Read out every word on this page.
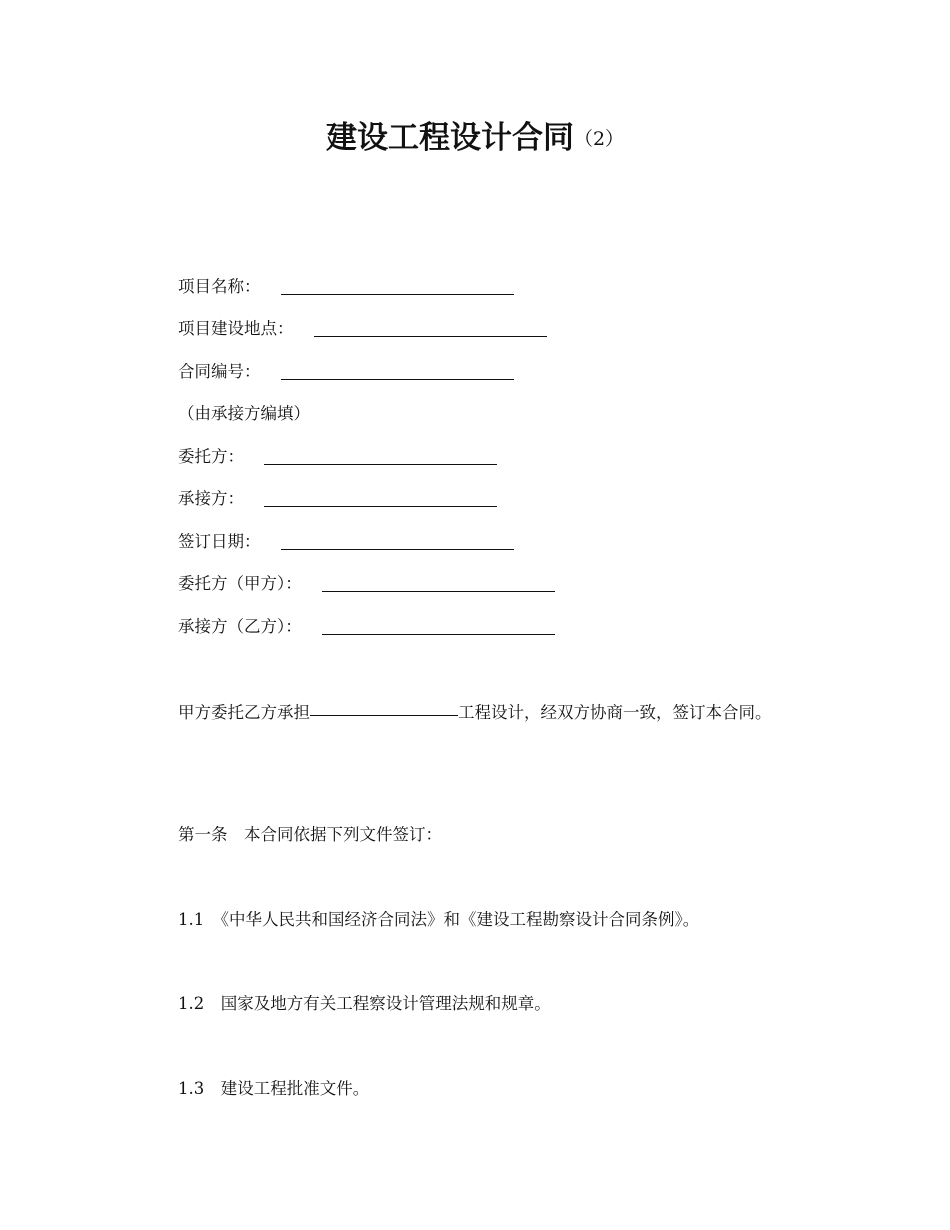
建设工程设计合同（2）
项目名称：
项目建设地点：
合同编号：
（由承接方编填）
委托方：
承接方：
签订日期：
委托方（甲方）：
承接方（乙方）：
甲方委托乙方承担	工程设计，经双方协商一致，签订本合同。
第一条　本合同依据下列文件签订：
1.1　《中华人民共和国经济合同法》和《建设工程勘察设计合同条例》。
1.2　国家及地方有关工程察设计管理法规和规章。
1.3　建设工程批准文件。
